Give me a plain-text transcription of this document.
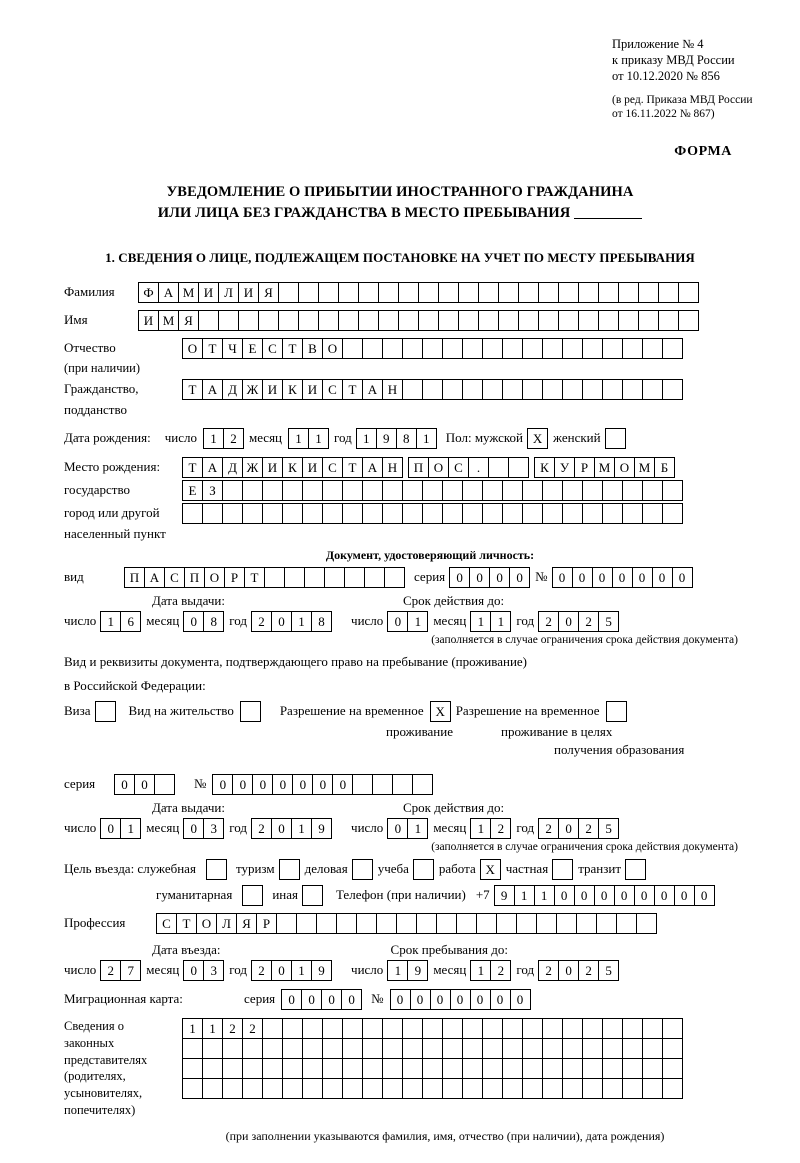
Приложение № 4
к приказу МВД России
от 10.12.2020 № 856
(в ред. Приказа МВД России
от 16.11.2022 № 867)
ФОРМА
УВЕДОМЛЕНИЕ О ПРИБЫТИИ ИНОСТРАННОГО ГРАЖДАНИНА
ИЛИ ЛИЦА БЕЗ ГРАЖДАНСТВА В МЕСТО ПРЕБЫВАНИЯ
1. СВЕДЕНИЯ О ЛИЦЕ, ПОДЛЕЖАЩЕМ ПОСТАНОВКЕ НА УЧЕТ ПО МЕСТУ ПРЕБЫВАНИЯ
Фамилия	Ф А М И Л И Я
Имя	И М Я
Отчество	О Т Ч Е С Т В О
(при наличии)
Гражданство,	Т А Д Ж И К И С Т А Н
подданство
Дата рождения: число	1	2 месяц	1	1 год 1	9	8	1	Пол: мужской X женский
Место рождения:	Т А Д Ж И К И С Т А Н	П О С	.	К У Р М О М Б
государство	Е З
город или другой
населенный пункт
Документ, удостоверяющий личность:
вид	П А С П О Р Т	серия 0	0	0	0 № 0	0	0	0	0	0	0
Дата выдачи:	Срок действия до:
число 1	6 месяц 0	8 год 2	0	1	8	число 0	1 месяц 1	1 год 2	0	2	5
(заполняется в случае ограничения срока действия документа)
Вид и реквизиты документа, подтверждающего право на пребывание (проживание)
в Российской Федерации:
Виза	Вид на жительство	Разрешение на временное X Разрешение на временное
проживание	проживание в целях
получения образования
серия	0	0	№	0	0	0	0	0	0	0
Дата выдачи:	Срок действия до:
число 0	1 месяц 0	3 год 2	0	1	9	число 0	1 месяц 1	2 год 2	0	2	5
(заполняется в случае ограничения срока действия документа)
Цель въезда: служебная	туризм деловая учеба работа X частная транзит
гуманитарная	иная	Телефон (при наличии) +7 9	1	1	0	0	0	0	0	0	0	0
Профессия	С Т О Л Я Р
Дата въезда:	Срок пребывания до:
число 2	7 месяц 0	3 год 2	0	1	9	число 1	9 месяц 1	2 год 2	0	2	5
Миграционная карта:	серия	0	0	0	0	№	0	0	0	0	0	0	0
Сведения о
законных
представителях
(родителях,
усыновителях,
попечителях)
1	1	2	2
(при заполнении указываются фамилия, имя, отчество (при наличии), дата рождения)
